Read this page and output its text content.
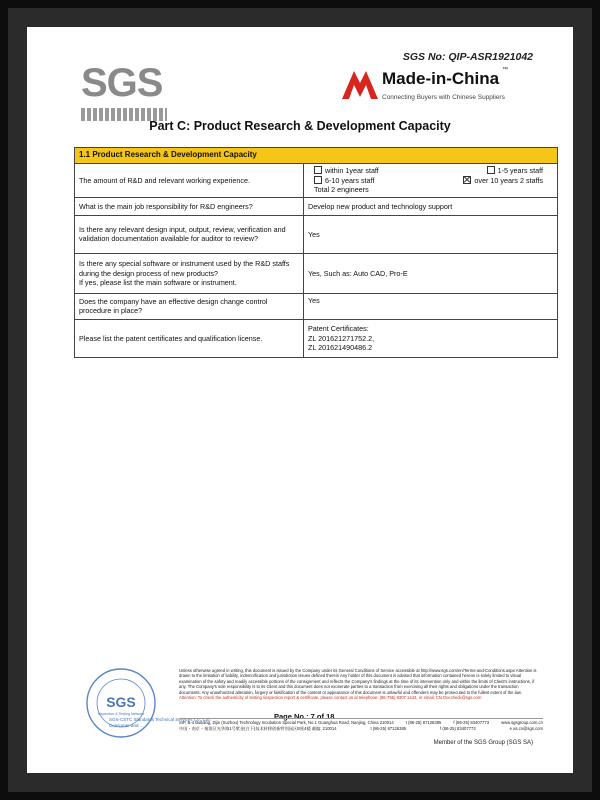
SGS
SGS No: QIP-ASR1921042
Made-in-China ™
Connecting Buyers with Chinese Suppliers
Part C: Product Research & Development Capacity
1.1 Product Research & Development Capacity	
The amount of R&D and relevant working experience.	within 1year staff 1-5 years staff
6-10 years staff over 10 years 2 staffs
Total 2 engineers

What is the main job responsibility for R&D engineers?	Develop new product and technology support
Is there any relevant design input, output, review, verification and validation documentation available for auditor to review?	Yes

Is there any special software or instrument used by the R&D staffs during the design process of new products?
If yes, please list the main software or instrument.	Yes, Such as: Auto CAD, Pro-E
Does the company have an effective design change control procedure in place?	Yes
Please list the patent certificates and qualification license.	Patent Certificates:
ZL 201621271752.2,
ZL 201621490486.2
SGS
Inspection & Testing Network
SGS-CSTC Standards Technical Services Co., Ltd.
Consumer and ...
Unless otherwise agreed in writing, this document is issued by the Company under its General Conditions of Service accessible at http://www.sgs.com/en/Terms-and-Conditions.aspx Attention is drawn to the limitation of liability, indemnification and jurisdiction issues defined therein Any holder of this document is advised that information contained hereon is solely limited to visual examination of the safety and readily accessible portions of the consignment and reflects the Company's findings at the time of its intervention only and within the limits of Client's instructions, if any. The Company's sole responsibility is to its Client and this document does not exonerate parties to a transaction from exercising all their rights and obligations under the transaction documents. Any unauthorized alteration, forgery or falsification of the content or appearance of this document is unlawful and offenders may be prosecuted to the fullest extent of the law.
Attention: To check the authenticity of testing /inspection report & certificate, please contact us at telephone: (86-755) 8307 1443, or email: CN.Doccheck@sgs.com
Page No.: 7 of 18
SIP, B-4 Building, Zijin (Suzhou) Technology Incubation Special Park, No.1 Guanghua Road, Nanjing, China 210014	t (86-25) 87126385	f (86-25) 83407773	www.sgsgroup.com.cn
中国・南京・秦淮区光华路1号紫金(白下)技术转移创新特别园区B座4楼 邮编: 210014	t (86-25) 87126385	f (86-25) 83407773	e as.cn@sgs.com
Member of the SGS Group (SGS SA)
